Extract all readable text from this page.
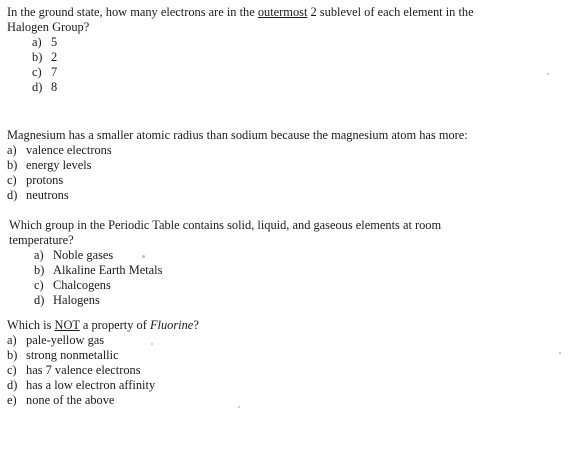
In the ground state, how many electrons are in the outermost 2 sublevel of each element in the
Halogen Group?
a) 5
b) 2
c) 7
d) 8
Magnesium has a smaller atomic radius than sodium because the magnesium atom has more:
a) valence electrons
b) energy levels
c) protons
d) neutrons
Which group in the Periodic Table contains solid, liquid, and gaseous elements at room
temperature?
a) Noble gases
b) Alkaline Earth Metals
c) Chalcogens
d) Halogens
Which is NOT a property of Fluorine?
a) pale-yellow gas
b) strong nonmetallic
c) has 7 valence electrons
d) has a low electron affinity
e) none of the above
